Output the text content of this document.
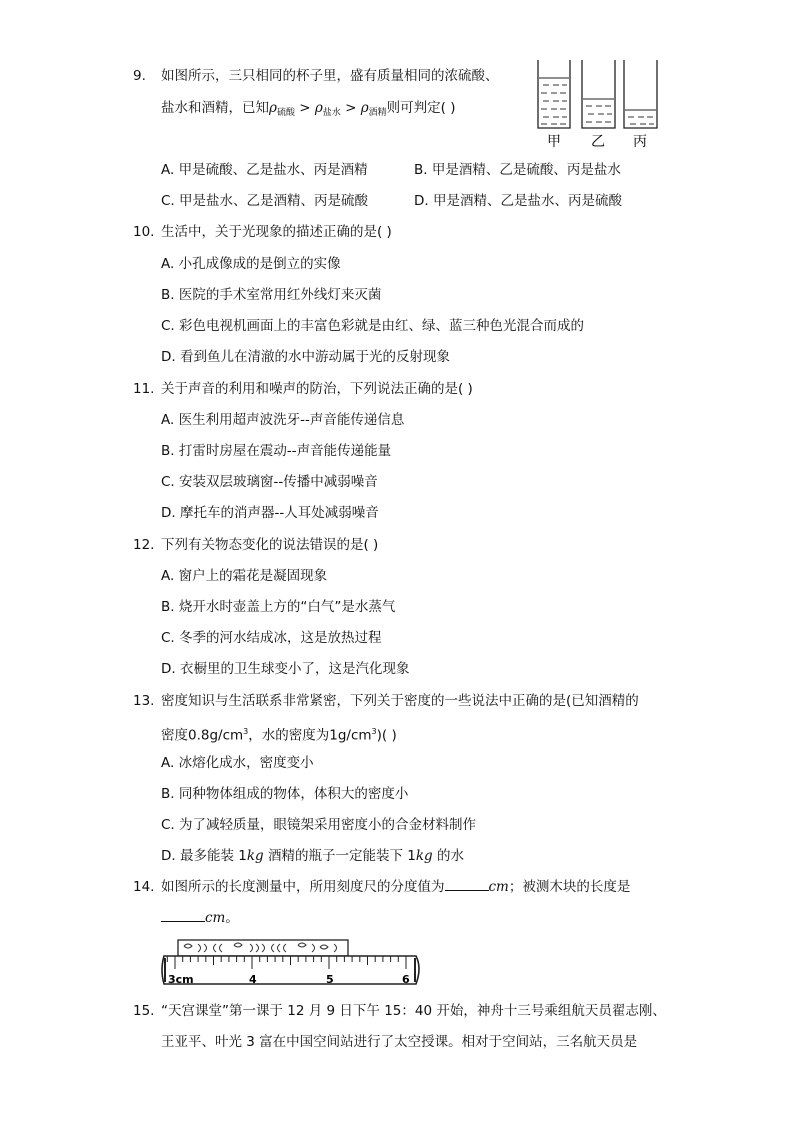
9. 如图所示，三只相同的杯子里，盛有质量相同的浓硫酸、
盐水和酒精，已知$\rho_{硫酸} > \rho_{盐水} > \rho_{酒精}$则可判定( )
甲 乙 丙
A. 甲是硫酸、乙是盐水、丙是酒精	B. 甲是酒精、乙是硫酸、丙是盐水
C. 甲是盐水、乙是酒精、丙是硫酸	D. 甲是酒精、乙是盐水、丙是硫酸
10. 生活中，关于光现象的描述正确的是( )
A. 小孔成像成的是倒立的实像
B. 医院的手术室常用红外线灯来灭菌
C. 彩色电视机画面上的丰富色彩就是由红、绿、蓝三种色光混合而成的
D. 看到鱼儿在清澈的水中游动属于光的反射现象
11. 关于声音的利用和噪声的防治，下列说法正确的是( )
A. 医生利用超声波洗牙--声音能传递信息
B. 打雷时房屋在震动--声音能传递能量
C. 安装双层玻璃窗--传播中减弱噪音
D. 摩托车的消声器--人耳处减弱噪音
12. 下列有关物态变化的说法错误的是( )
A. 窗户上的霜花是凝固现象
B. 烧开水时壶盖上方的“白气”是水蒸气
C. 冬季的河水结成冰，这是放热过程
D. 衣橱里的卫生球变小了，这是汽化现象
13. 密度知识与生活联系非常紧密，下列关于密度的一些说法中正确的是(已知酒精的
密度$0.8g/cm^3$，水的密度为$1g/cm^3$)( )
A. 冰熔化成水，密度变小
B. 同种物体组成的物体，体积大的密度小
C. 为了减轻质量，眼镜架采用密度小的合金材料制作
D. 最多能装 1kg 酒精的瓶子一定能装下 1kg 的水
14. 如图所示的长度测量中，所用刻度尺的分度值为	cm；被测木块的长度是
cm。
3cm	4	5	6
15. “天宫课堂”第一课于 12 月 9 日下午 15：40 开始，神舟十三号乘组航天员翟志刚、
王亚平、叶光 3 富在中国空间站进行了太空授课。相对于空间站，三名航天员是
